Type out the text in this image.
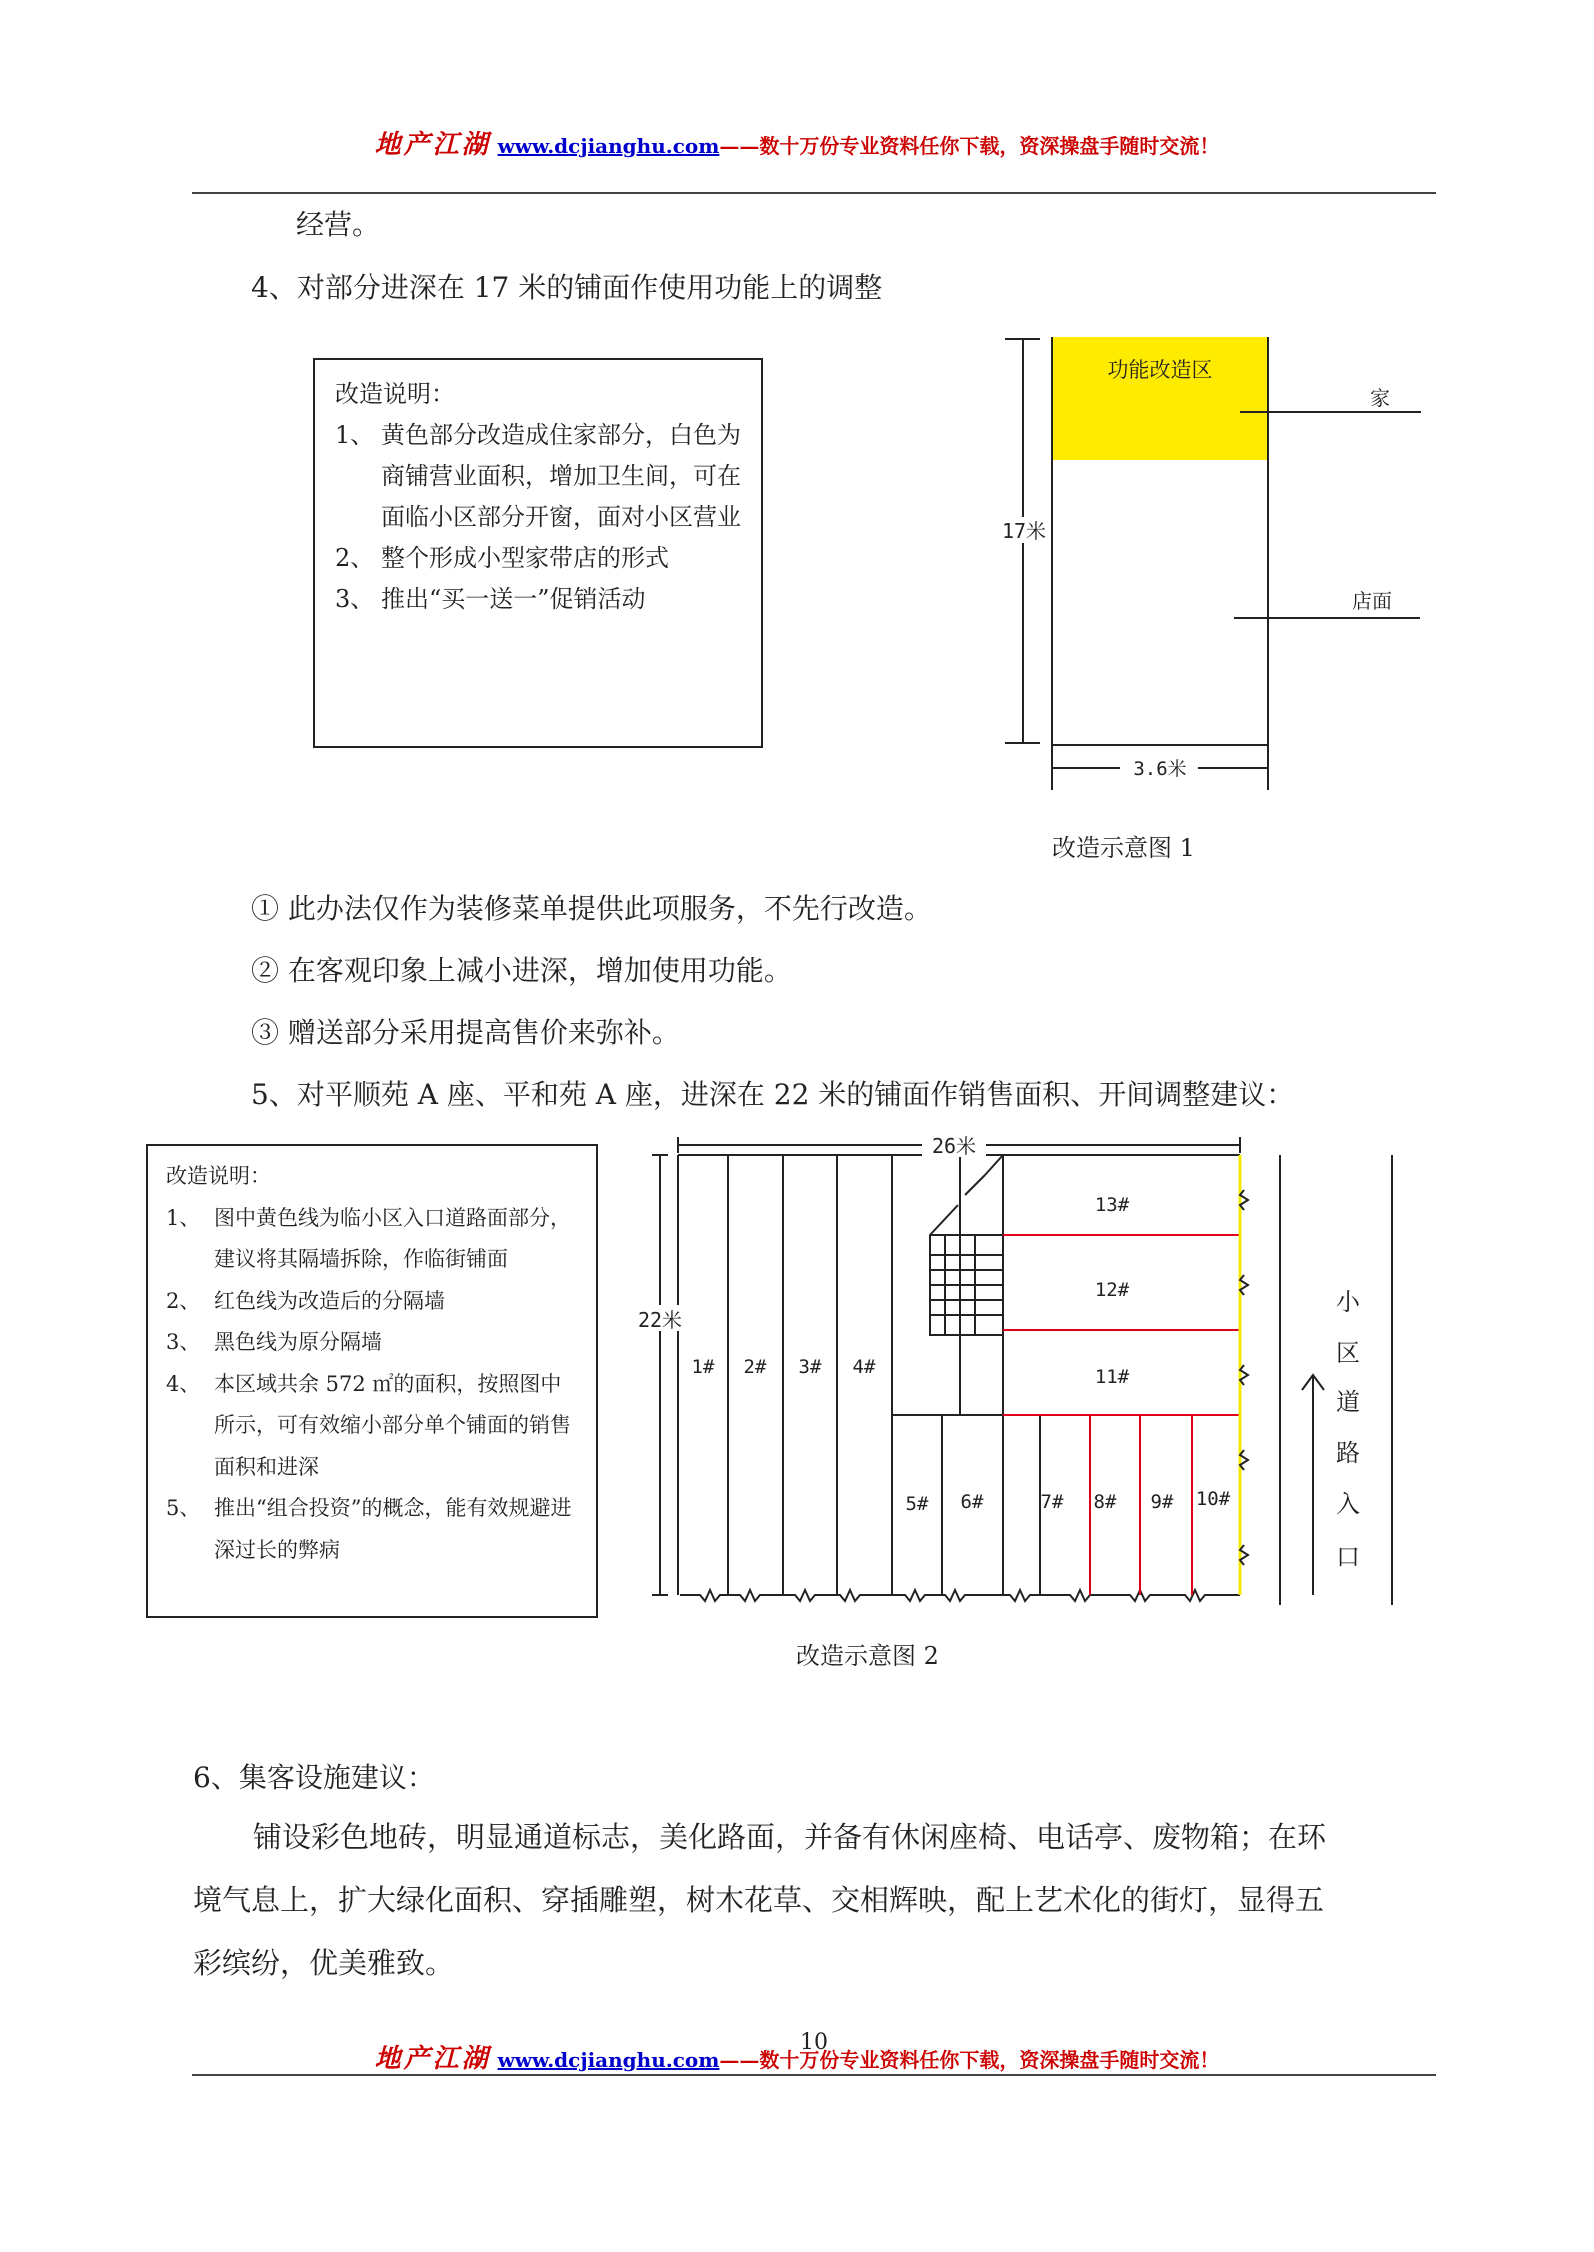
地产江湖 www.dcjianghu.com——数十万份专业资料任你下载，资深操盘手随时交流！
经营。
4、对部分进深在 17 米的铺面作使用功能上的调整
改造说明：
1、 黄色部分改造成住家部分，白色为商铺营业面积，增加卫生间，可在面临小区部分开窗，面对小区营业
2、 整个形成小型家带店的形式
3、 推出“买一送一”促销活动
17米
3.6米
功能改造区
家
店面
改造示意图 1
① 此办法仅作为装修菜单提供此项服务，不先行改造。
② 在客观印象上减小进深，增加使用功能。
③ 赠送部分采用提高售价来弥补。
5、对平顺苑 A 座、平和苑 A 座，进深在 22 米的铺面作销售面积、开间调整建议：
改造说明：
1、 图中黄色线为临小区入口道路面部分，建议将其隔墙拆除，作临街铺面
2、 红色线为改造后的分隔墙
3、 黑色线为原分隔墙
4、 本区域共余 572 ㎡的面积，按照图中所示，可有效缩小部分单个铺面的销售面积和进深
5、 推出“组合投资”的概念，能有效规避进深过长的弊病
26米
22米
1# 2# 3# 4#
5# 6#	7# 8# 9# 10#
11#
12#
13#
小
区
道
路
入
口
改造示意图 2
6、集客设施建议：
铺设彩色地砖，明显通道标志，美化路面，并备有休闲座椅、电话亭、废物箱；在环
境气息上，扩大绿化面积、穿插雕塑，树木花草、交相辉映，配上艺术化的街灯，显得五
彩缤纷，优美雅致。
10
地产江湖 www.dcjianghu.com——数十万份专业资料任你下载，资深操盘手随时交流！
